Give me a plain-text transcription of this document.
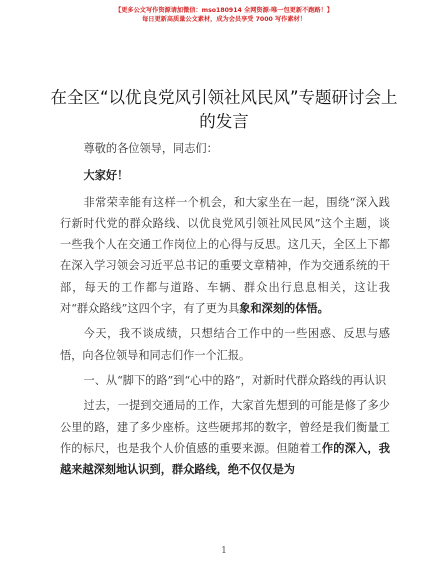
【更多公文写作资源请加微信：mso180914 全网资源·唯一包更新不跑路！】
每日更新高质量公文素材，成为会员享受 7000 写作素材！
在全区“以优良党风引领社风民风”专题研讨会上的发言

尊敬的各位领导，同志们：

大家好！

非常荣幸能有这样一个机会，和大家坐在一起，围绕“深入践行新时代党的群众路线、以优良党风引领社风民风”这个主题，谈一些我个人在交通工作岗位上的心得与反思。这几天，全区上下都在深入学习领会习近平总书记的重要文章精神，作为交通系统的干部，每天的工作都与道路、车辆、群众出行息息相关，这让我对“群众路线”这四个字，有了更为具象和深刻的体悟。

今天，我不谈成绩，只想结合工作中的一些困惑、反思与感悟，向各位领导和同志们作一个汇报。

一、从“脚下的路”到“心中的路”，对新时代群众路线的再认识

过去，一提到交通局的工作，大家首先想到的可能是修了多少公里的路，建了多少座桥。这些硬邦邦的数字，曾经是我们衡量工作的标尺，也是我个人价值感的重要来源。但随着工作的深入，我越来越深刻地认识到，群众路线，绝不仅仅是为

1
